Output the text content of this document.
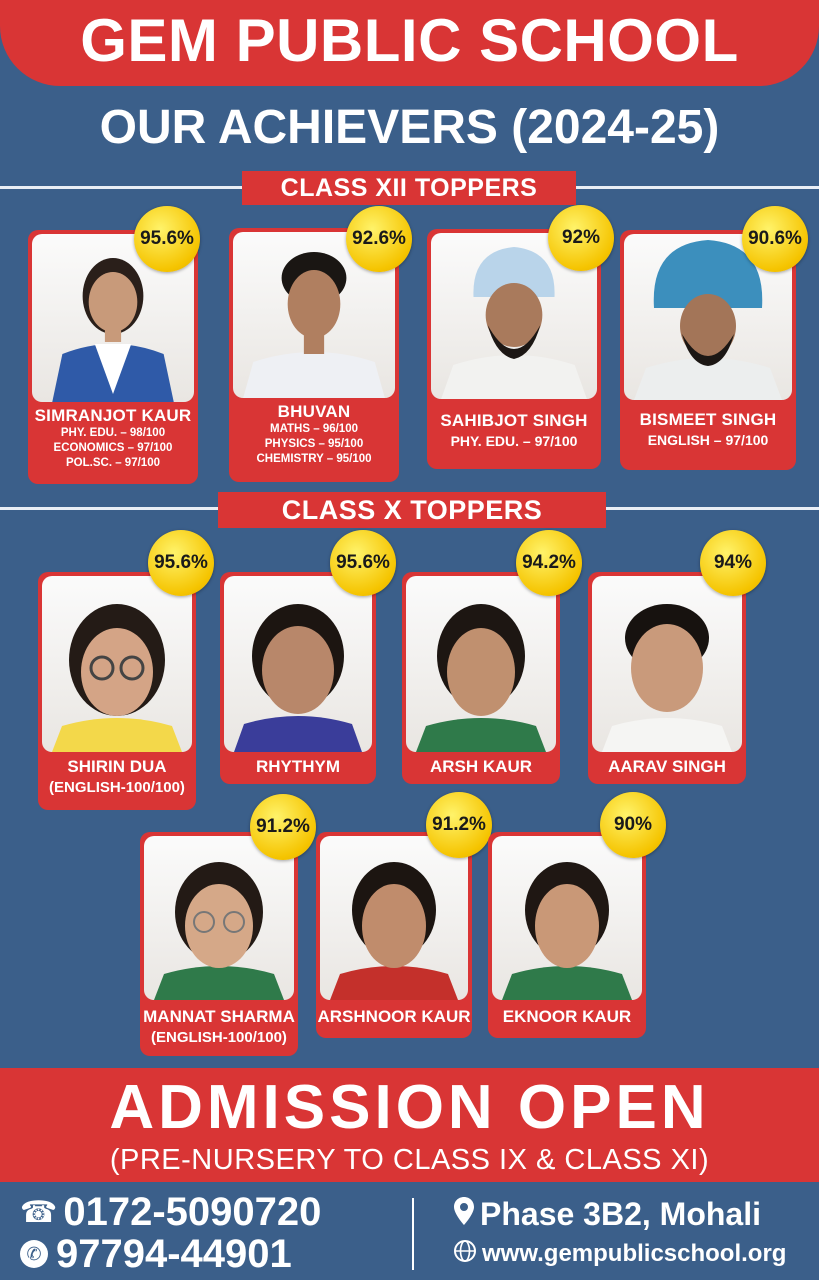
GEM PUBLIC SCHOOL
OUR ACHIEVERS (2024-25)
CLASS XII TOPPERS
SIMRANJOT KAUR
PHY. EDU. – 98/100
ECONOMICS – 97/100
POL.SC. – 97/100
95.6%
BHUVAN
MATHS – 96/100
PHYSICS – 95/100
CHEMISTRY – 95/100
92.6%
SAHIBJOT SINGH
PHY. EDU. – 97/100
92%
BISMEET SINGH
ENGLISH – 97/100
90.6%
CLASS X TOPPERS
SHIRIN DUA
(ENGLISH-100/100)
95.6%
RHYTHYM
95.6%
ARSH KAUR
94.2%
AARAV SINGH
94%
MANNAT SHARMA
(ENGLISH-100/100)
91.2%
ARSHNOOR KAUR
91.2%
EKNOOR KAUR
90%
ADMISSION OPEN
(PRE-NURSERY TO CLASS IX & CLASS XI)
☎ 0172-5090720
✆ 97794-44901
Phase 3B2, Mohali
www.gempublicschool.org
